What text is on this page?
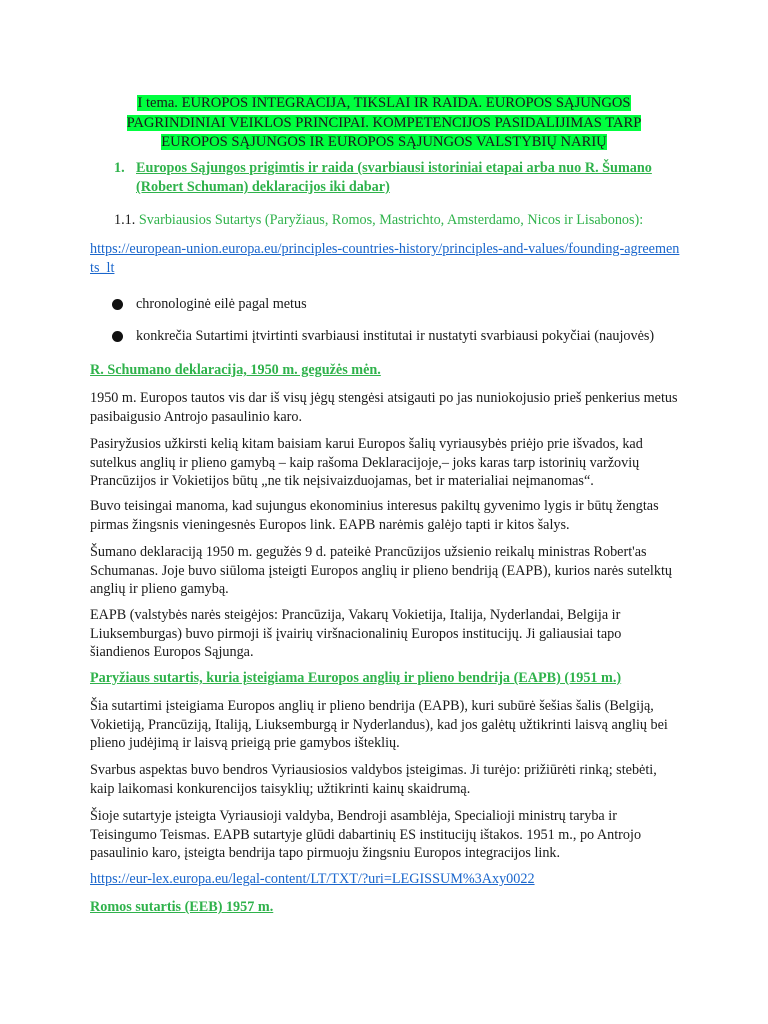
I tema. EUROPOS INTEGRACIJA, TIKSLAI IR RAIDA. EUROPOS SĄJUNGOS
PAGRINDINIAI VEIKLOS PRINCIPAI. KOMPETENCIJOS PASIDALIJIMAS TARP
EUROPOS SĄJUNGOS IR EUROPOS SĄJUNGOS VALSTYBIŲ NARIŲ
1. Europos Sąjungos prigimtis ir raida (svarbiausi istoriniai etapai arba nuo R. Šumano (Robert Schuman) deklaracijos iki dabar)
1.1. Svarbiausios Sutartys (Paryžiaus, Romos, Mastrichto, Amsterdamo, Nicos ir Lisabonos):
https://european-union.europa.eu/principles-countries-history/principles-and-values/founding-agreements_lt
chronologinė eilė pagal metus
konkrečia Sutartimi įtvirtinti svarbiausi institutai ir nustatyti svarbiausi pokyčiai (naujovės)
R. Schumano deklaracija, 1950 m. gegužės mėn.
1950 m. Europos tautos vis dar iš visų jėgų stengėsi atsigauti po jas nuniokojusio prieš penkerius metus pasibaigusio Antrojo pasaulinio karo.
Pasiryžusios užkirsti kelią kitam baisiam karui Europos šalių vyriausybės priėjo prie išvados, kad sutelkus anglių ir plieno gamybą – kaip rašoma Deklaracijoje,– joks karas tarp istorinių varžovių Prancūzijos ir Vokietijos būtų „ne tik neįsivaizduojamas, bet ir materialiai neįmanomas“.
Buvo teisingai manoma, kad sujungus ekonominius interesus pakiltų gyvenimo lygis ir būtų žengtas pirmas žingsnis vieningesnės Europos link. EAPB narėmis galėjo tapti ir kitos šalys.
Šumano deklaraciją 1950 m. gegužės 9 d. pateikė Prancūzijos užsienio reikalų ministras Robert'as Schumanas. Joje buvo siūloma įsteigti Europos anglių ir plieno bendriją (EAPB), kurios narės sutelktų anglių ir plieno gamybą.
EAPB (valstybės narės steigėjos: Prancūzija, Vakarų Vokietija, Italija, Nyderlandai, Belgija ir Liuksemburgas) buvo pirmoji iš įvairių viršnacionalinių Europos institucijų. Ji galiausiai tapo šiandienos Europos Sąjunga.
Paryžiaus sutartis, kuria įsteigiama Europos anglių ir plieno bendrija (EAPB) (1951 m.)
Šia sutartimi įsteigiama Europos anglių ir plieno bendrija (EAPB), kuri subūrė šešias šalis (Belgiją, Vokietiją, Prancūziją, Italiją, Liuksemburgą ir Nyderlandus), kad jos galėtų užtikrinti laisvą anglių bei plieno judėjimą ir laisvą prieigą prie gamybos išteklių.
Svarbus aspektas buvo bendros Vyriausiosios valdybos įsteigimas. Ji turėjo: prižiūrėti rinką; stebėti, kaip laikomasi konkurencijos taisyklių; užtikrinti kainų skaidrumą.
Šioje sutartyje įsteigta Vyriausioji valdyba, Bendroji asamblėja, Specialioji ministrų taryba ir Teisingumo Teismas. EAPB sutartyje glūdi dabartinių ES institucijų ištakos. 1951 m., po Antrojo pasaulinio karo, įsteigta bendrija tapo pirmuoju žingsniu Europos integracijos link.
https://eur-lex.europa.eu/legal-content/LT/TXT/?uri=LEGISSUM%3Axy0022
Romos sutartis (EEB) 1957 m.
